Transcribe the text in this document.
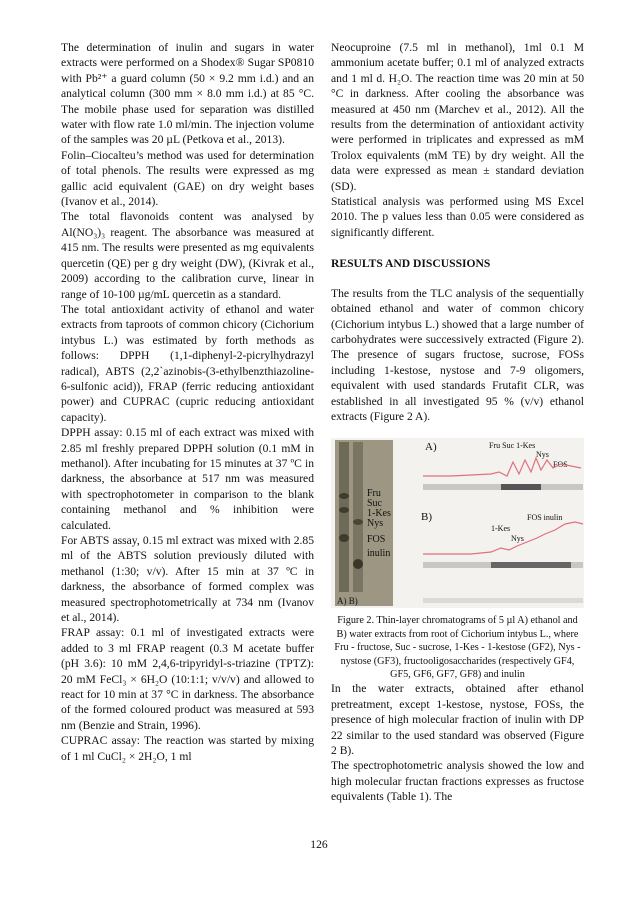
The determination of inulin and sugars in water extracts were performed on a Shodex® Sugar SP0810 with Pb²⁺ a guard column (50 × 9.2 mm i.d.) and an analytical column (300 mm × 8.0 mm i.d.) at 85 °C. The mobile phase used for separation was distilled water with flow rate 1.0 ml/min. The injection volume of the samples was 20 µL (Petkova et al., 2013).

Folin–Ciocalteu’s method was used for determination of total phenols. The results were expressed as mg gallic acid equivalent (GAE) on dry weight bases (Ivanov et al., 2014).

The total flavonoids content was analysed by Al(NO₃)₃ reagent. The absorbance was measured at 415 nm. The results were presented as mg equivalents quercetin (QE) per g dry weight (DW), (Kivrak et al., 2009) according to the calibration curve, linear in range of 10-100 µg/mL quercetin as a standard.

The total antioxidant activity of ethanol and water extracts from taproots of common chicory (Cichorium intybus L.) was estimated by forth methods as follows: DPPH (1,1-diphenyl-2-picrylhydrazyl radical), ABTS (2,2`azinobis-(3-ethylbenzthiazoline-6-sulfonic acid)), FRAP (ferric reducing antioxidant power) and CUPRAC (cupric reducing antioxidant capacity).

DPPH assay: 0.15 ml of each extract was mixed with 2.85 ml freshly prepared DPPH solution (0.1 mM in methanol). After incubating for 15 minutes at 37 ºC in darkness, the absorbance at 517 nm was measured with spectrophotometer in comparison to the blank containing methanol and % inhibition were calculated.

For ABTS assay, 0.15 ml extract was mixed with 2.85 ml of the ABTS solution previously diluted with methanol (1:30; v/v). After 15 min at 37 ºC in darkness, the absorbance of formed complex was measured spectrophotometrically at 734 nm (Ivanov et al., 2014).

FRAP assay: 0.1 ml of investigated extracts were added to 3 ml FRAP reagent (0.3 M acetate buffer (pH 3.6): 10 mM 2,4,6-tripyridyl-s-triazine (TPTZ): 20 mM FeCl₃ × 6H₂O (10:1:1; v/v/v) and allowed to react for 10 min at 37 °C in darkness. The absorbance of the formed coloured product was measured at 593 nm (Benzie and Strain, 1996).

CUPRAC assay: The reaction was started by mixing of 1 ml CuCl₂ × 2H₂O, 1 ml

Neocuproine (7.5 ml in methanol), 1ml 0.1 M ammonium acetate buffer; 0.1 ml of analyzed extracts and 1 ml d. H₂O. The reaction time was 20 min at 50 °C in darkness. After cooling the absorbance was measured at 450 nm (Marchev et al., 2012). All the results from the determination of antioxidant activity were performed in triplicates and expressed as mM Trolox equivalents (mM TE) by dry weight. All the data were expressed as mean ± standard deviation (SD).

Statistical analysis was performed using MS Excel 2010. The p values less than 0.05 were considered as significantly different.

RESULTS AND DISCUSSIONS

The results from the TLC analysis of the sequentially obtained ethanol and water of common chicory (Cichorium intybus L.) showed that a large number of carbohydrates were successively extracted (Figure 2). The presence of sugars fructose, sucrose, FOSs including 1-kestose, nystose and 7-9 oligomers, equivalent with used standards Frutafit CLR, was established in all investigated 95 % (v/v) ethanol extracts (Figure 2 A).

Fru
Suc
1-Kes
Nys
FOS
inulin
A) B)
A)	Fru Suc 1-Kes
Nys
FOS
B)	FOS inulin
1-Kes
Nys

Figure 2. Thin-layer chromatograms of 5 µl A) ethanol and B) water extracts from root of Cichorium intybus L., where Fru - fructose, Suc - sucrose, 1-Kes - 1-kestose (GF2), Nys - nystose (GF3), fructooligosaccharides (respectively GF4, GF5, GF6, GF7, GF8) and inulin

In the water extracts, obtained after ethanol pretreatment, except 1-kestose, nystose, FOSs, the presence of high molecular fraction of inulin with DP 22 similar to the used standard was observed (Figure 2 B).

The spectrophotometric analysis showed the low and high molecular fructan fractions expresses as fructose equivalents (Table 1). The

126
